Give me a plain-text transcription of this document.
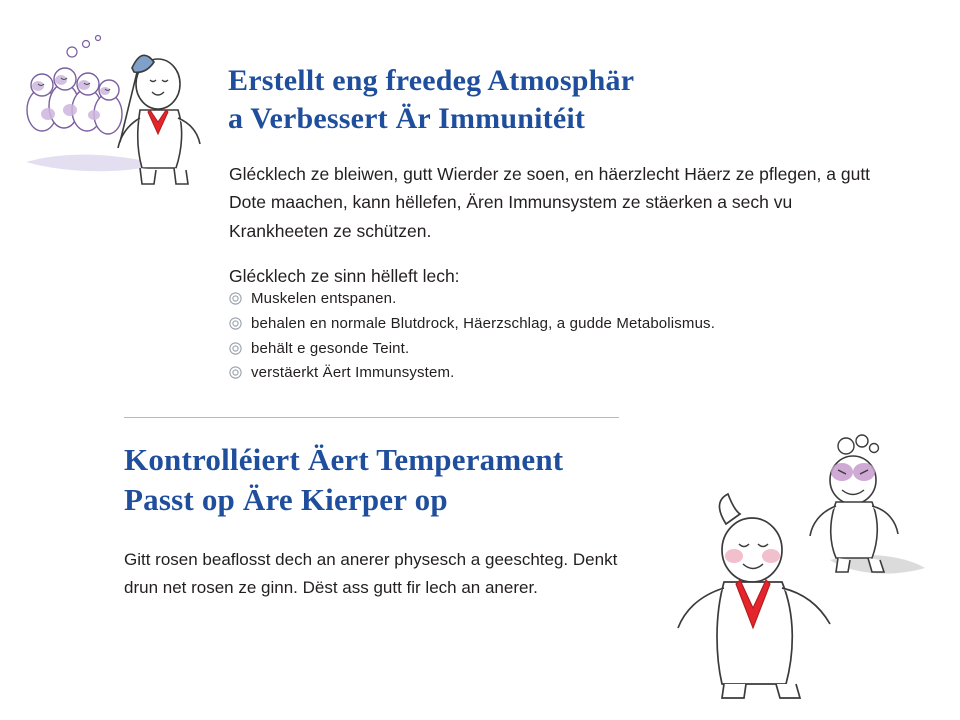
Erstellt eng freedeg Atmosphär
a Verbessert Är Immunitéit
Glécklech ze bleiwen, gutt Wierder ze soen, en häerzlecht Häerz ze pflegen, a gutt Dote maachen, kann hëllefen, Ären Immunsystem ze stäerken a sech vu Krankheeten ze schützen.
Glécklech ze sinn hëlleft lech:
Muskelen entspanen.
behalen en normale Blutdrock, Häerzschlag, a gudde Metabolismus.
behält e gesonde Teint.
verstäerkt Äert Immunsystem.
Kontrolléiert Äert Temperament
Passt op Äre Kierper op
Gitt rosen beaflosst dech an anerer physesch a geeschteg. Denkt drun net rosen ze ginn. Dëst ass gutt fir lech an anerer.
